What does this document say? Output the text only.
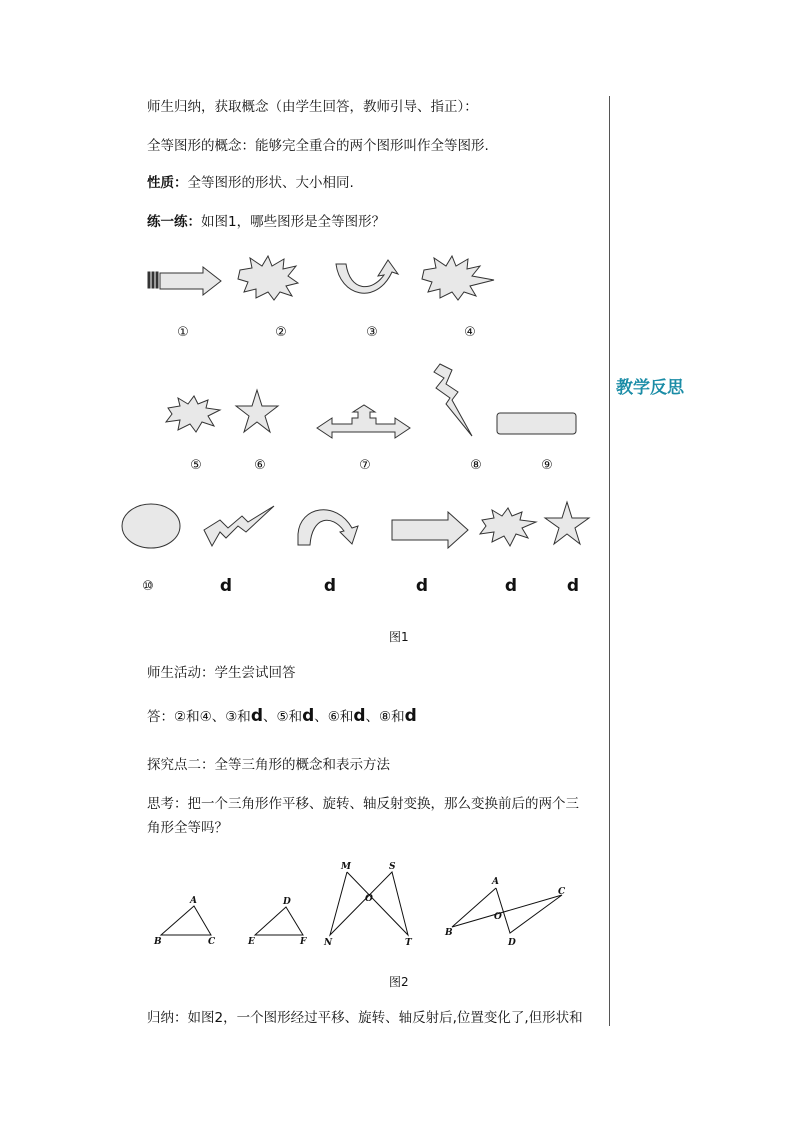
教学反思
师生归纳，获取概念（由学生回答，教师引导、指正）：
全等图形的概念：能够完全重合的两个图形叫作全等图形.
性质：全等图形的形状、大小相同.
练一练：如图1，哪些图形是全等图形？
①	②	③	④
⑤	⑥	⑦	⑧	⑨
⑩	d	d	d	d	d
图1
师生活动：学生尝试回答
答：②和④、③和d、⑤和d、⑥和d、⑧和d
探究点二：全等三角形的概念和表示方法
思考：把一个三角形作平移、旋转、轴反射变换，那么变换前后的两个三
角形全等吗？
A
B	C
D
E	F
M	S
O
N	T
A
C
O
B
D
图2
归纳：如图2，一个图形经过平移、旋转、轴反射后,位置变化了,但形状和
